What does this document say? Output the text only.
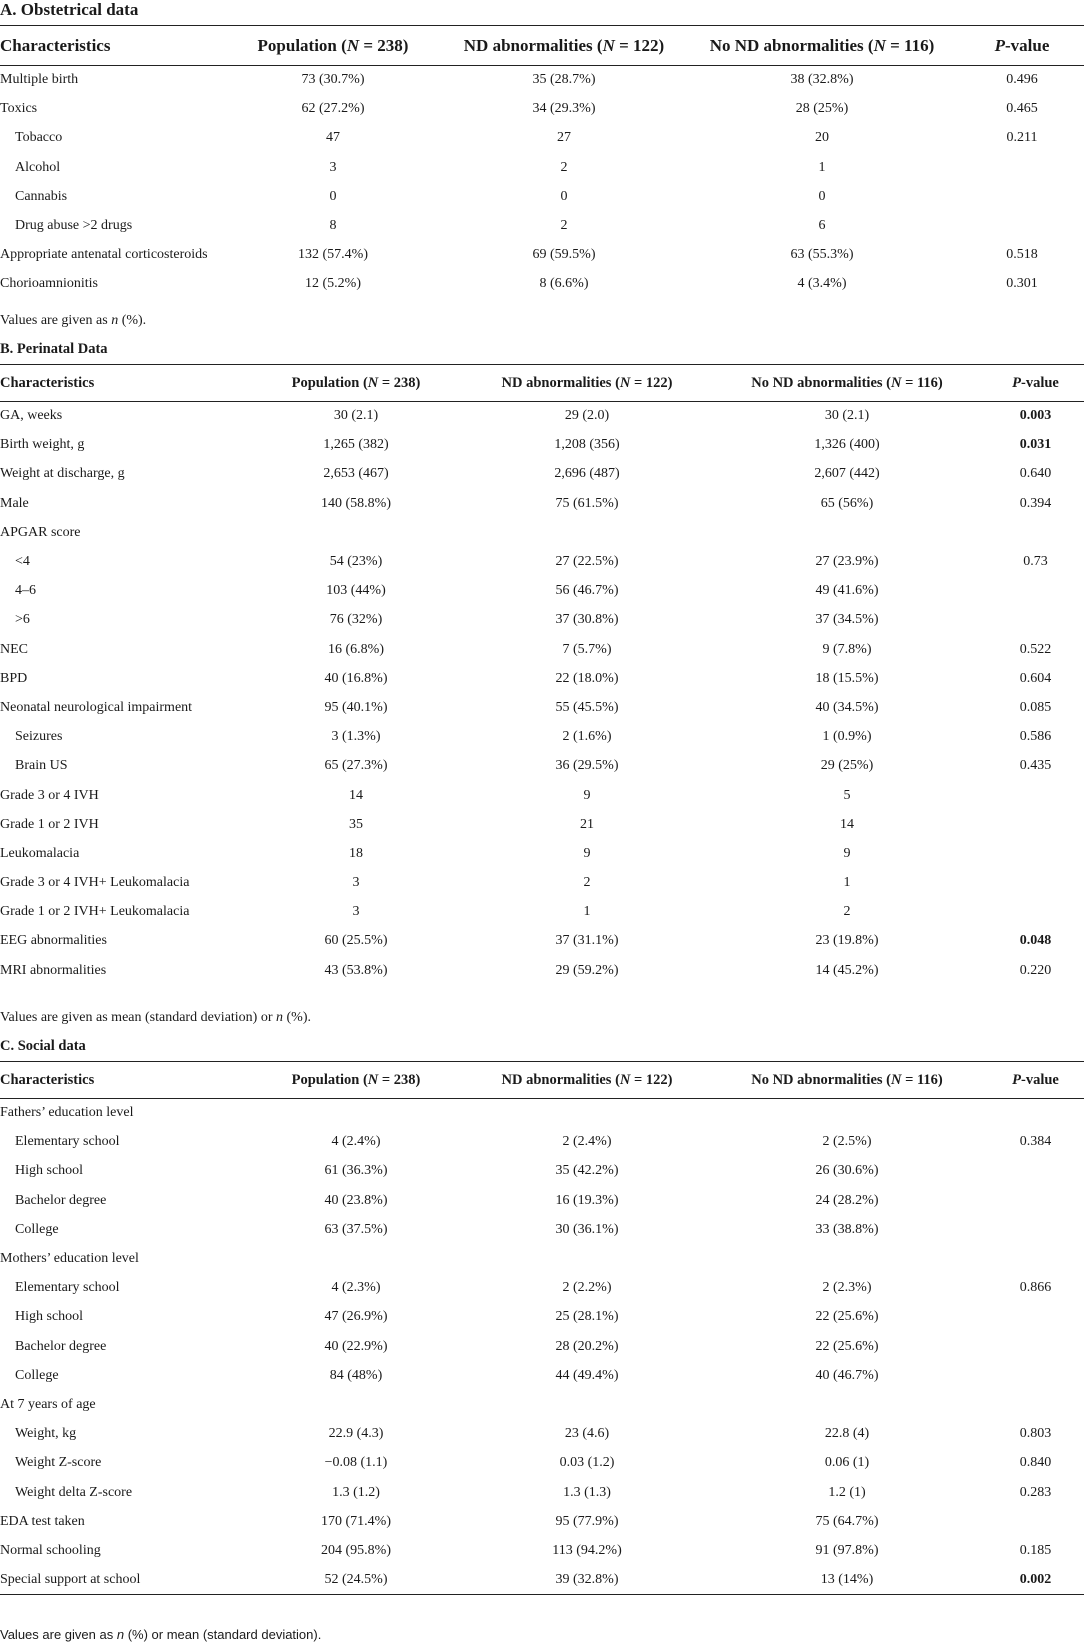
A. Obstetrical data
Characteristics	Population (N = 238)	ND abnormalities (N = 122)	No ND abnormalities (N = 116)	P-value
Multiple birth	73 (30.7%)	35 (28.7%)	38 (32.8%)	0.496
Toxics	62 (27.2%)	34 (29.3%)	28 (25%)	0.465
Tobacco	47	27	20	0.211
Alcohol	3	2	1	
Cannabis	0	0	0	
Drug abuse >2 drugs	8	2	6	
Appropriate antenatal corticosteroids	132 (57.4%)	69 (59.5%)	63 (55.3%)	0.518
Chorioamnionitis	12 (5.2%)	8 (6.6%)	4 (3.4%)	0.301
Values are given as n (%).
B. Perinatal Data
Characteristics	Population (N = 238)	ND abnormalities (N = 122)	No ND abnormalities (N = 116)	P-value
GA, weeks	30 (2.1)	29 (2.0)	30 (2.1)	0.003
Birth weight, g	1,265 (382)	1,208 (356)	1,326 (400)	0.031
Weight at discharge, g	2,653 (467)	2,696 (487)	2,607 (442)	0.640
Male	140 (58.8%)	75 (61.5%)	65 (56%)	0.394
APGAR score				
<4	54 (23%)	27 (22.5%)	27 (23.9%)	0.73
4–6	103 (44%)	56 (46.7%)	49 (41.6%)	
>6	76 (32%)	37 (30.8%)	37 (34.5%)	
NEC	16 (6.8%)	7 (5.7%)	9 (7.8%)	0.522
BPD	40 (16.8%)	22 (18.0%)	18 (15.5%)	0.604
Neonatal neurological impairment	95 (40.1%)	55 (45.5%)	40 (34.5%)	0.085
Seizures	3 (1.3%)	2 (1.6%)	1 (0.9%)	0.586
Brain US	65 (27.3%)	36 (29.5%)	29 (25%)	0.435
Grade 3 or 4 IVH	14	9	5	
Grade 1 or 2 IVH	35	21	14	
Leukomalacia	18	9	9	
Grade 3 or 4 IVH+ Leukomalacia	3	2	1	
Grade 1 or 2 IVH+ Leukomalacia	3	1	2	
EEG abnormalities	60 (25.5%)	37 (31.1%)	23 (19.8%)	0.048
MRI abnormalities	43 (53.8%)	29 (59.2%)	14 (45.2%)	0.220
Values are given as mean (standard deviation) or n (%).
C. Social data
Characteristics	Population (N = 238)	ND abnormalities (N = 122)	No ND abnormalities (N = 116)	P-value
Fathers’ education level				
Elementary school	4 (2.4%)	2 (2.4%)	2 (2.5%)	0.384
High school	61 (36.3%)	35 (42.2%)	26 (30.6%)	
Bachelor degree	40 (23.8%)	16 (19.3%)	24 (28.2%)	
College	63 (37.5%)	30 (36.1%)	33 (38.8%)	
Mothers’ education level				
Elementary school	4 (2.3%)	2 (2.2%)	2 (2.3%)	0.866
High school	47 (26.9%)	25 (28.1%)	22 (25.6%)	
Bachelor degree	40 (22.9%)	28 (20.2%)	22 (25.6%)	
College	84 (48%)	44 (49.4%)	40 (46.7%)	
At 7 years of age				
Weight, kg	22.9 (4.3)	23 (4.6)	22.8 (4)	0.803
Weight Z-score	−0.08 (1.1)	0.03 (1.2)	0.06 (1)	0.840
Weight delta Z-score	1.3 (1.2)	1.3 (1.3)	1.2 (1)	0.283
EDA test taken	170 (71.4%)	95 (77.9%)	75 (64.7%)	
Normal schooling	204 (95.8%)	113 (94.2%)	91 (97.8%)	0.185
Special support at school	52 (24.5%)	39 (32.8%)	13 (14%)	0.002
Values are given as n (%) or mean (standard deviation).
